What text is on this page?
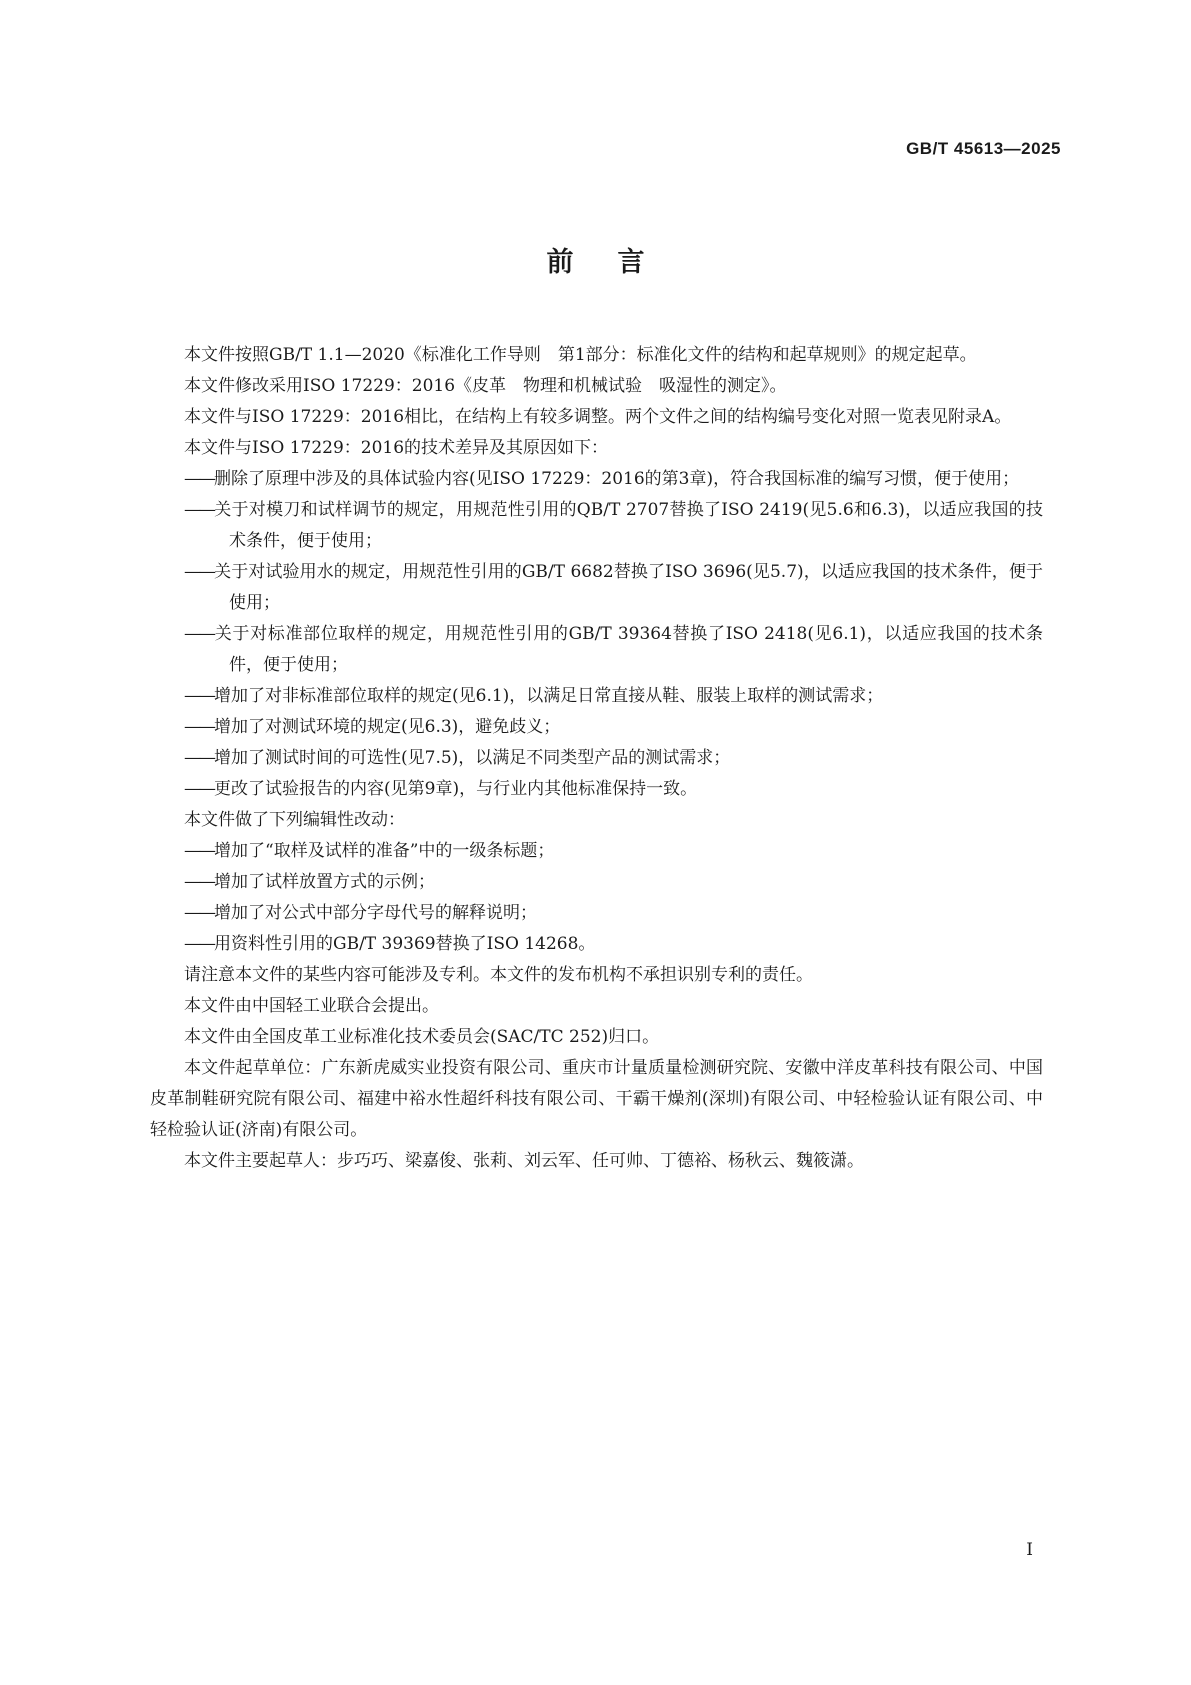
GB/T 45613—2025
前言

本文件按照GB/T 1.1—2020《标准化工作导则　第1部分：标准化文件的结构和起草规则》的规定起草。

本文件修改采用ISO 17229：2016《皮革　物理和机械试验　吸湿性的测定》。

本文件与ISO 17229：2016相比，在结构上有较多调整。两个文件之间的结构编号变化对照一览表见附录A。

本文件与ISO 17229：2016的技术差异及其原因如下：

——删除了原理中涉及的具体试验内容(见ISO 17229：2016的第3章)，符合我国标准的编写习惯，便于使用；

——关于对模刀和试样调节的规定，用规范性引用的QB/T 2707替换了ISO 2419(见5.6和6.3)，以适应我国的技术条件，便于使用；

——关于对试验用水的规定，用规范性引用的GB/T 6682替换了ISO 3696(见5.7)，以适应我国的技术条件，便于使用；

——关于对标准部位取样的规定，用规范性引用的GB/T 39364替换了ISO 2418(见6.1)，以适应我国的技术条件，便于使用；

——增加了对非标准部位取样的规定(见6.1)，以满足日常直接从鞋、服装上取样的测试需求；

——增加了对测试环境的规定(见6.3)，避免歧义；

——增加了测试时间的可选性(见7.5)，以满足不同类型产品的测试需求；

——更改了试验报告的内容(见第9章)，与行业内其他标准保持一致。

本文件做了下列编辑性改动：

——增加了“取样及试样的准备”中的一级条标题；

——增加了试样放置方式的示例；

——增加了对公式中部分字母代号的解释说明；

——用资料性引用的GB/T 39369替换了ISO 14268。

请注意本文件的某些内容可能涉及专利。本文件的发布机构不承担识别专利的责任。

本文件由中国轻工业联合会提出。

本文件由全国皮革工业标准化技术委员会(SAC/TC 252)归口。

本文件起草单位：广东新虎威实业投资有限公司、重庆市计量质量检测研究院、安徽中洋皮革科技有限公司、中国皮革制鞋研究院有限公司、福建中裕水性超纤科技有限公司、干霸干燥剂(深圳)有限公司、中轻检验认证有限公司、中轻检验认证(济南)有限公司。

本文件主要起草人：步巧巧、梁嘉俊、张莉、刘云军、任可帅、丁德裕、杨秋云、魏筱潇。

I
